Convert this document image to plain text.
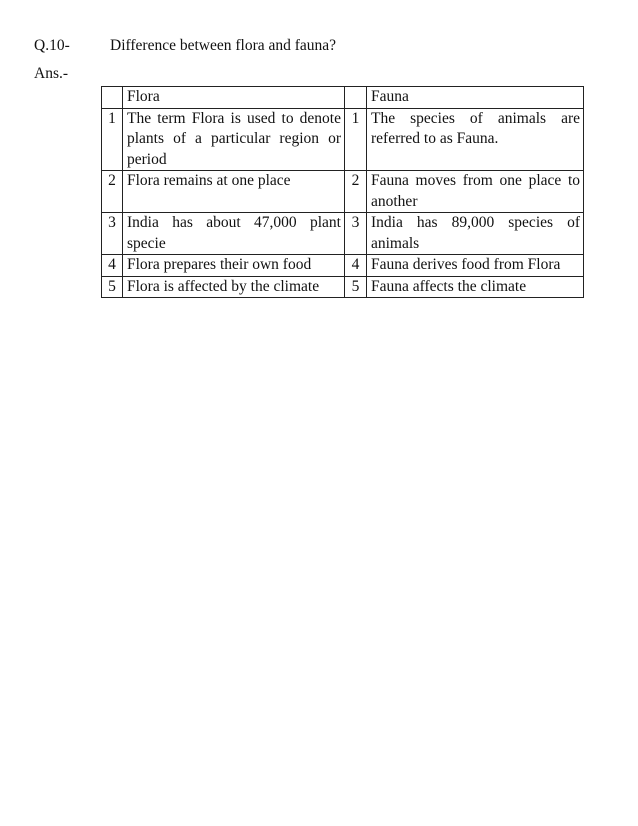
Q.10-	Difference between flora and fauna?
Ans.-
	Flora		Fauna
1	The term Flora is used to denote plants of a particular region or period	1	The species of animals are referred to as Fauna.
2	Flora remains at one place	2	Fauna moves from one place to another
3	India has about 47,000 plant specie	3	India has 89,000 species of animals
4	Flora prepares their own food	4	Fauna derives food from Flora
5	Flora is affected by the climate	5	Fauna affects the climate
